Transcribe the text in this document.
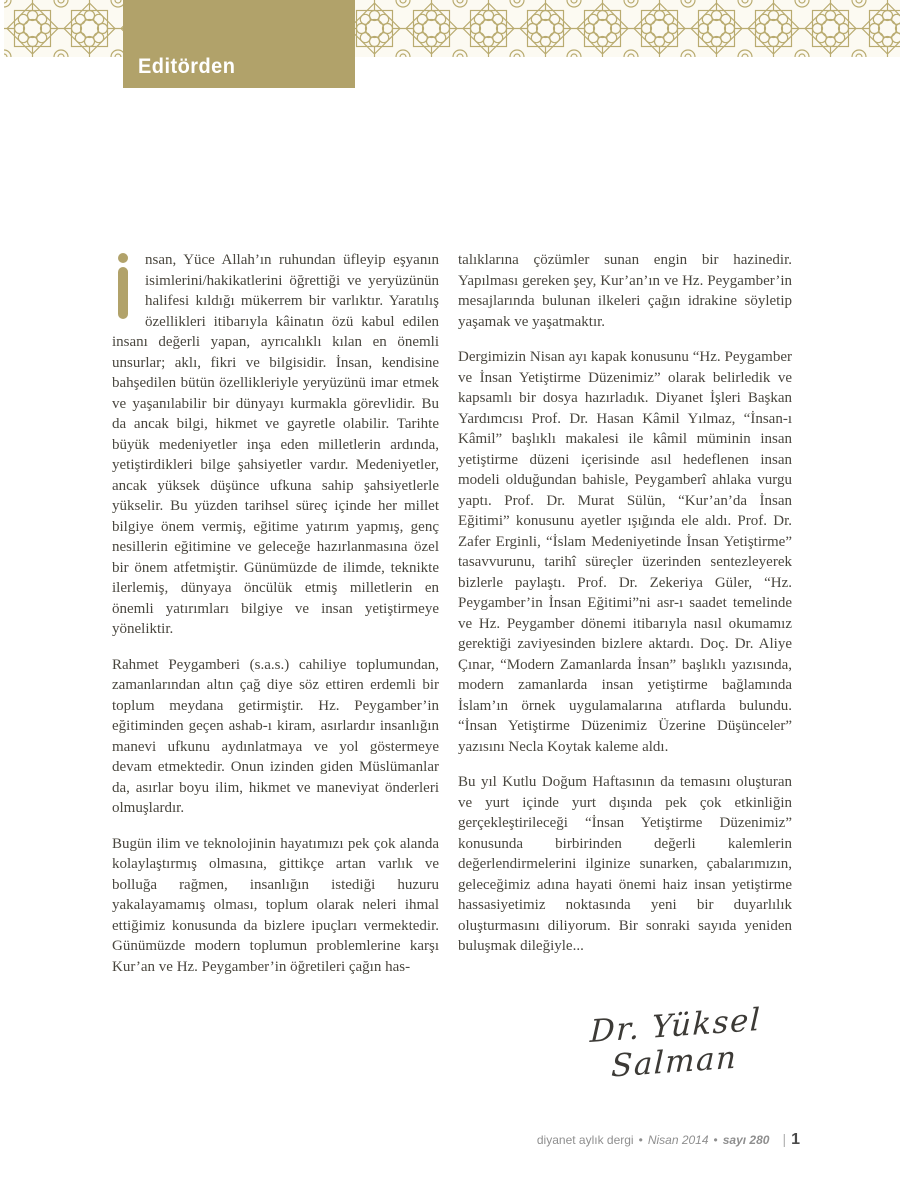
Editörden

nsan, Yüce Allah’ın ruhundan üfleyip eşyanın isimlerini/hakikatlerini öğrettiği ve yeryüzünün halifesi kıldığı mükerrem bir varlıktır. Yaratılış özellikleri itibarıyla kâinatın özü kabul edilen insanı değerli yapan, ayrıcalıklı kılan en önemli unsurlar; aklı, fikri ve bilgisidir. İnsan, kendisine bahşedilen bütün özellikleriyle yeryüzünü imar etmek ve yaşanılabilir bir dünyayı kurmakla görevlidir. Bu da ancak bilgi, hikmet ve gayretle olabilir. Tarihte büyük medeniyetler inşa eden milletlerin ardında, yetiştirdikleri bilge şahsiyetler vardır. Medeniyetler, ancak yüksek düşünce ufkuna sahip şahsiyetlerle yükselir. Bu yüzden tarihsel süreç içinde her millet bilgiye önem vermiş, eğitime yatırım yapmış, genç nesillerin eğitimine ve geleceğe hazırlanmasına özel bir önem atfetmiştir. Günümüzde de ilimde, teknikte ilerlemiş, dünyaya öncülük etmiş milletlerin en önemli yatırımları bilgiye ve insan yetiştirmeye yöneliktir.

Rahmet Peygamberi (s.a.s.) cahiliye toplumundan, zamanlarından altın çağ diye söz ettiren erdemli bir toplum meydana getirmiştir. Hz. Peygamber’in eğitiminden geçen ashab-ı kiram, asırlardır insanlığın manevi ufkunu aydınlatmaya ve yol göstermeye devam etmektedir. Onun izinden giden Müslümanlar da, asırlar boyu ilim, hikmet ve maneviyat önderleri olmuşlardır.

Bugün ilim ve teknolojinin hayatımızı pek çok alanda kolaylaştırmış olmasına, gittikçe artan varlık ve bolluğa rağmen, insanlığın istediği huzuru yakalayamamış olması, toplum olarak neleri ihmal ettiğimiz konusunda da bizlere ipuçları vermektedir. Günümüzde modern toplumun problemlerine karşı Kur’an ve Hz. Peygamber’in öğretileri çağın has-

talıklarına çözümler sunan engin bir hazinedir. Yapılması gereken şey, Kur’an’ın ve Hz. Peygamber’in mesajlarında bulunan ilkeleri çağın idrakine söyletip yaşamak ve yaşatmaktır.

Dergimizin Nisan ayı kapak konusunu “Hz. Peygamber ve İnsan Yetiştirme Düzenimiz” olarak belirledik ve kapsamlı bir dosya hazırladık. Diyanet İşleri Başkan Yardımcısı Prof. Dr. Hasan Kâmil Yılmaz, “İnsan-ı Kâmil” başlıklı makalesi ile kâmil müminin insan yetiştirme düzeni içerisinde asıl hedeflenen insan modeli olduğundan bahisle, Peygamberî ahlaka vurgu yaptı. Prof. Dr. Murat Sülün, “Kur’an’da İnsan Eğitimi” konusunu ayetler ışığında ele aldı. Prof. Dr. Zafer Erginli, “İslam Medeniyetinde İnsan Yetiştirme” tasavvurunu, tarihî süreçler üzerinden sentezleyerek bizlerle paylaştı. Prof. Dr. Zekeriya Güler, “Hz. Peygamber’in İnsan Eğitimi”ni asr-ı saadet temelinde ve Hz. Peygamber dönemi itibarıyla nasıl okumamız gerektiği zaviyesinden bizlere aktardı. Doç. Dr. Aliye Çınar, “Modern Zamanlarda İnsan” başlıklı yazısında, modern zamanlarda insan yetiştirme bağlamında İslam’ın örnek uygulamalarına atıflarda bulundu. “İnsan Yetiştirme Düzenimiz Üzerine Düşünceler” yazısını Necla Koytak kaleme aldı.

Bu yıl Kutlu Doğum Haftasının da temasını oluşturan ve yurt içinde yurt dışında pek çok etkinliğin gerçekleştirileceği “İnsan Yetiştirme Düzenimiz” konusunda birbirinden değerli kalemlerin değerlendirmelerini ilginize sunarken, çabalarımızın, geleceğimiz adına hayati önemi haiz insan yetiştirme hassasiyetimiz noktasında yeni bir duyarlılık oluşturmasını diliyorum. Bir sonraki sayıda yeniden buluşmak dileğiyle...

Dr. Yüksel Salman
diyanet aylık dergi • Nisan 2014 • sayı 280 | 1
